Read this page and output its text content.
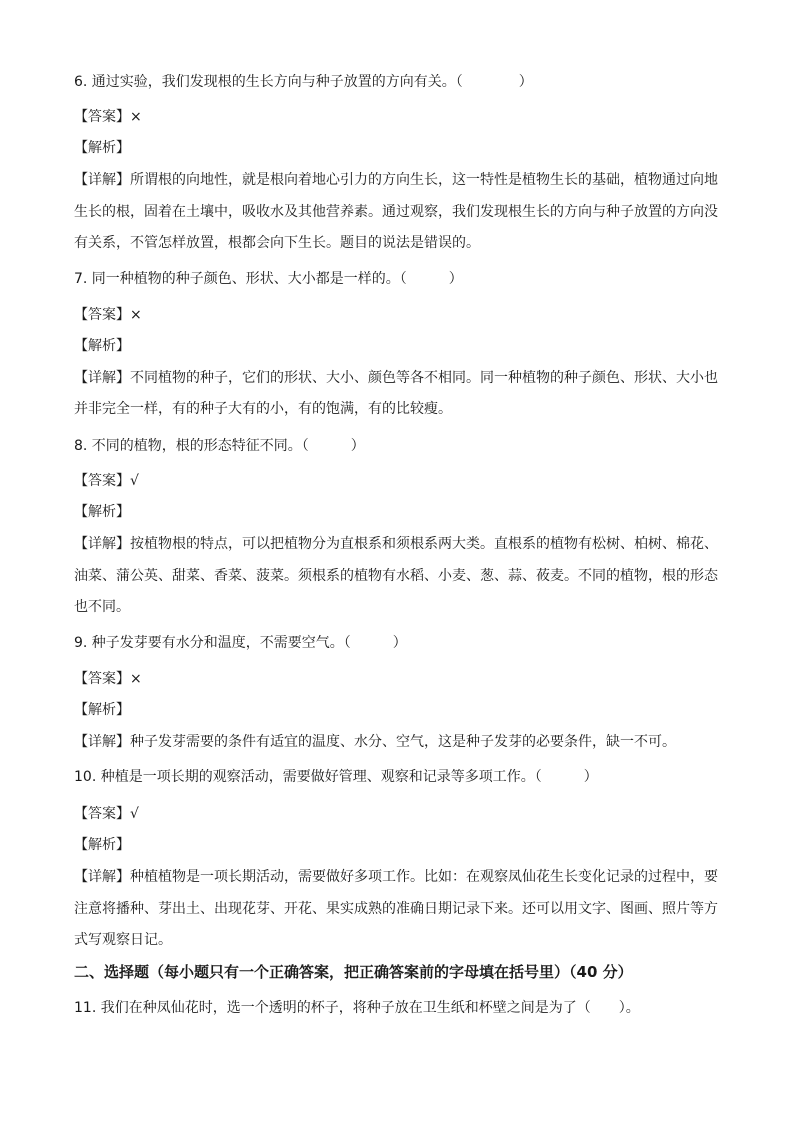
6. 通过实验，我们发现根的生长方向与种子放置的方向有关。（　　　　）
【答案】×
【解析】
【详解】所谓根的向地性，就是根向着地心引力的方向生长，这一特性是植物生长的基础，植物通过向地
生长的根，固着在土壤中，吸收水及其他营养素。通过观察，我们发现根生长的方向与种子放置的方向没
有关系，不管怎样放置，根都会向下生长。题目的说法是错误的。
7. 同一种植物的种子颜色、形状、大小都是一样的。（　　　）
【答案】×
【解析】
【详解】不同植物的种子，它们的形状、大小、颜色等各不相同。同一种植物的种子颜色、形状、大小也
并非完全一样，有的种子大有的小，有的饱满，有的比较瘦。
8. 不同的植物，根的形态特征不同。（　　　）
【答案】√
【解析】
【详解】按植物根的特点，可以把植物分为直根系和须根系两大类。直根系的植物有松树、柏树、棉花、
油菜、蒲公英、甜菜、香菜、菠菜。须根系的植物有水稻、小麦、葱、蒜、莜麦。不同的植物，根的形态
也不同。
9. 种子发芽要有水分和温度，不需要空气。（　　　）
【答案】×
【解析】
【详解】种子发芽需要的条件有适宜的温度、水分、空气，这是种子发芽的必要条件，缺一不可。
10. 种植是一项长期的观察活动，需要做好管理、观察和记录等多项工作。（　　　）
【答案】√
【解析】
【详解】种植植物是一项长期活动，需要做好多项工作。比如：在观察凤仙花生长变化记录的过程中，要
注意将播种、芽出土、出现花芽、开花、果实成熟的准确日期记录下来。还可以用文字、图画、照片等方
式写观察日记。
二、选择题（每小题只有一个正确答案，把正确答案前的字母填在括号里）（40 分）
11. 我们在种凤仙花时，选一个透明的杯子，将种子放在卫生纸和杯壁之间是为了（　　）。
